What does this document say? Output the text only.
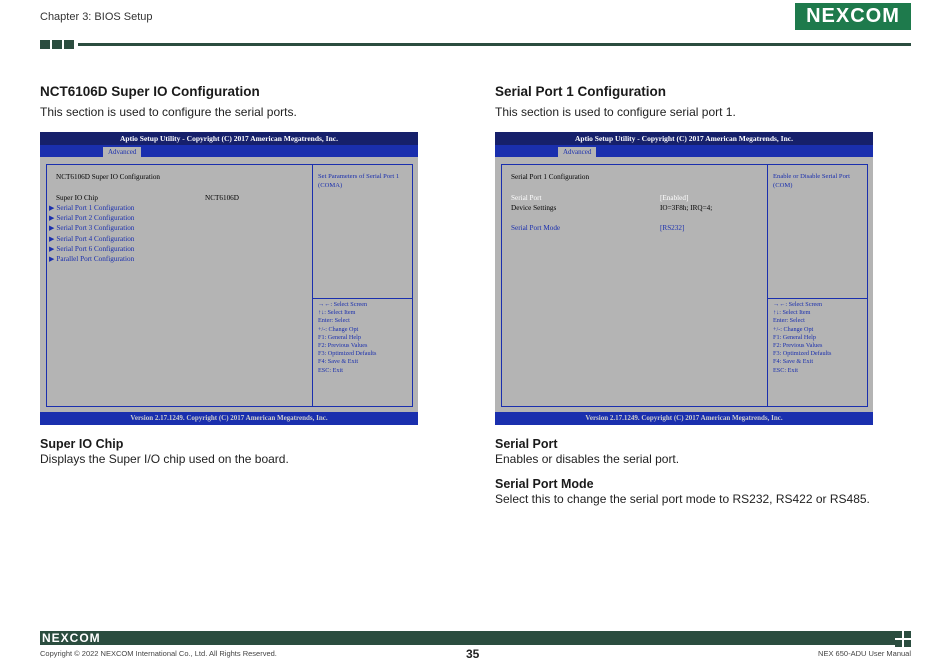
Chapter 3: BIOS Setup	NEXCOM
NCT6106D Super IO Configuration
This section is used to configure the serial ports.
Aptio Setup Utility - Copyright (C) 2017 American Megatrends, Inc.
Advanced
NCT6106D Super IO Configuration
Super IO Chip	NCT6106D
▶ Serial Port 1 Configuration
▶ Serial Port 2 Configuration
▶ Serial Port 3 Configuration
▶ Serial Port 4 Configuration
▶ Serial Port 6 Configuration
▶ Parallel Port Configuration
Set Parameters of Serial Port 1 (COMA)
→←: Select Screen
↑↓: Select Item
Enter: Select
+/-: Change Opt
F1: General Help
F2: Previous Values
F3: Optimized Defaults
F4: Save & Exit
ESC: Exit
Version 2.17.1249. Copyright (C) 2017 American Megatrends, Inc.
Super IO Chip
Displays the Super I/O chip used on the board.
Serial Port 1 Configuration
This section is used to configure serial port 1.
Aptio Setup Utility - Copyright (C) 2017 American Megatrends, Inc.
Advanced
Serial Port 1 Configuration
Serial Port	[Enabled]
Device Settings	IO=3F8h; IRQ=4;
Serial Port Mode	[RS232]
Enable or Disable Serial Port (COM)
→←: Select Screen
↑↓: Select Item
Enter: Select
+/-: Change Opt
F1: General Help
F2: Previous Values
F3: Optimized Defaults
F4: Save & Exit
ESC: Exit
Version 2.17.1249. Copyright (C) 2017 American Megatrends, Inc.
Serial Port
Enables or disables the serial port.
Serial Port Mode
Select this to change the serial port mode to RS232, RS422 or RS485.
NEXCOM
Copyright © 2022 NEXCOM International Co., Ltd. All Rights Reserved.	35	NEX 650-ADU User Manual
